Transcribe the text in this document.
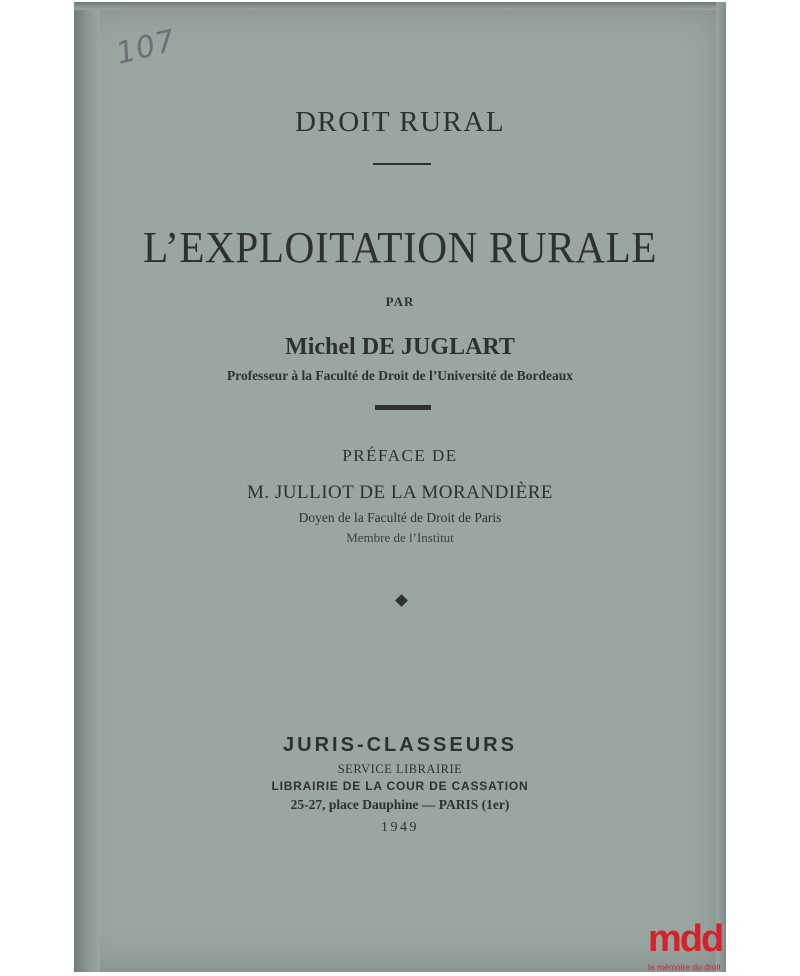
107
DROIT RURAL
L’EXPLOITATION RURALE
PAR
Michel DE JUGLART
Professeur à la Faculté de Droit de l’Université de Bordeaux
PRÉFACE DE
M. JULLIOT DE LA MORANDIÈRE
Doyen de la Faculté de Droit de Paris
Membre de l’Institut
JURIS-CLASSEURS
SERVICE LIBRAIRIE
LIBRAIRIE DE LA COUR DE CASSATION
25-27, place Dauphine — PARIS (1er)
1949
mdd
la mémoire du droit
